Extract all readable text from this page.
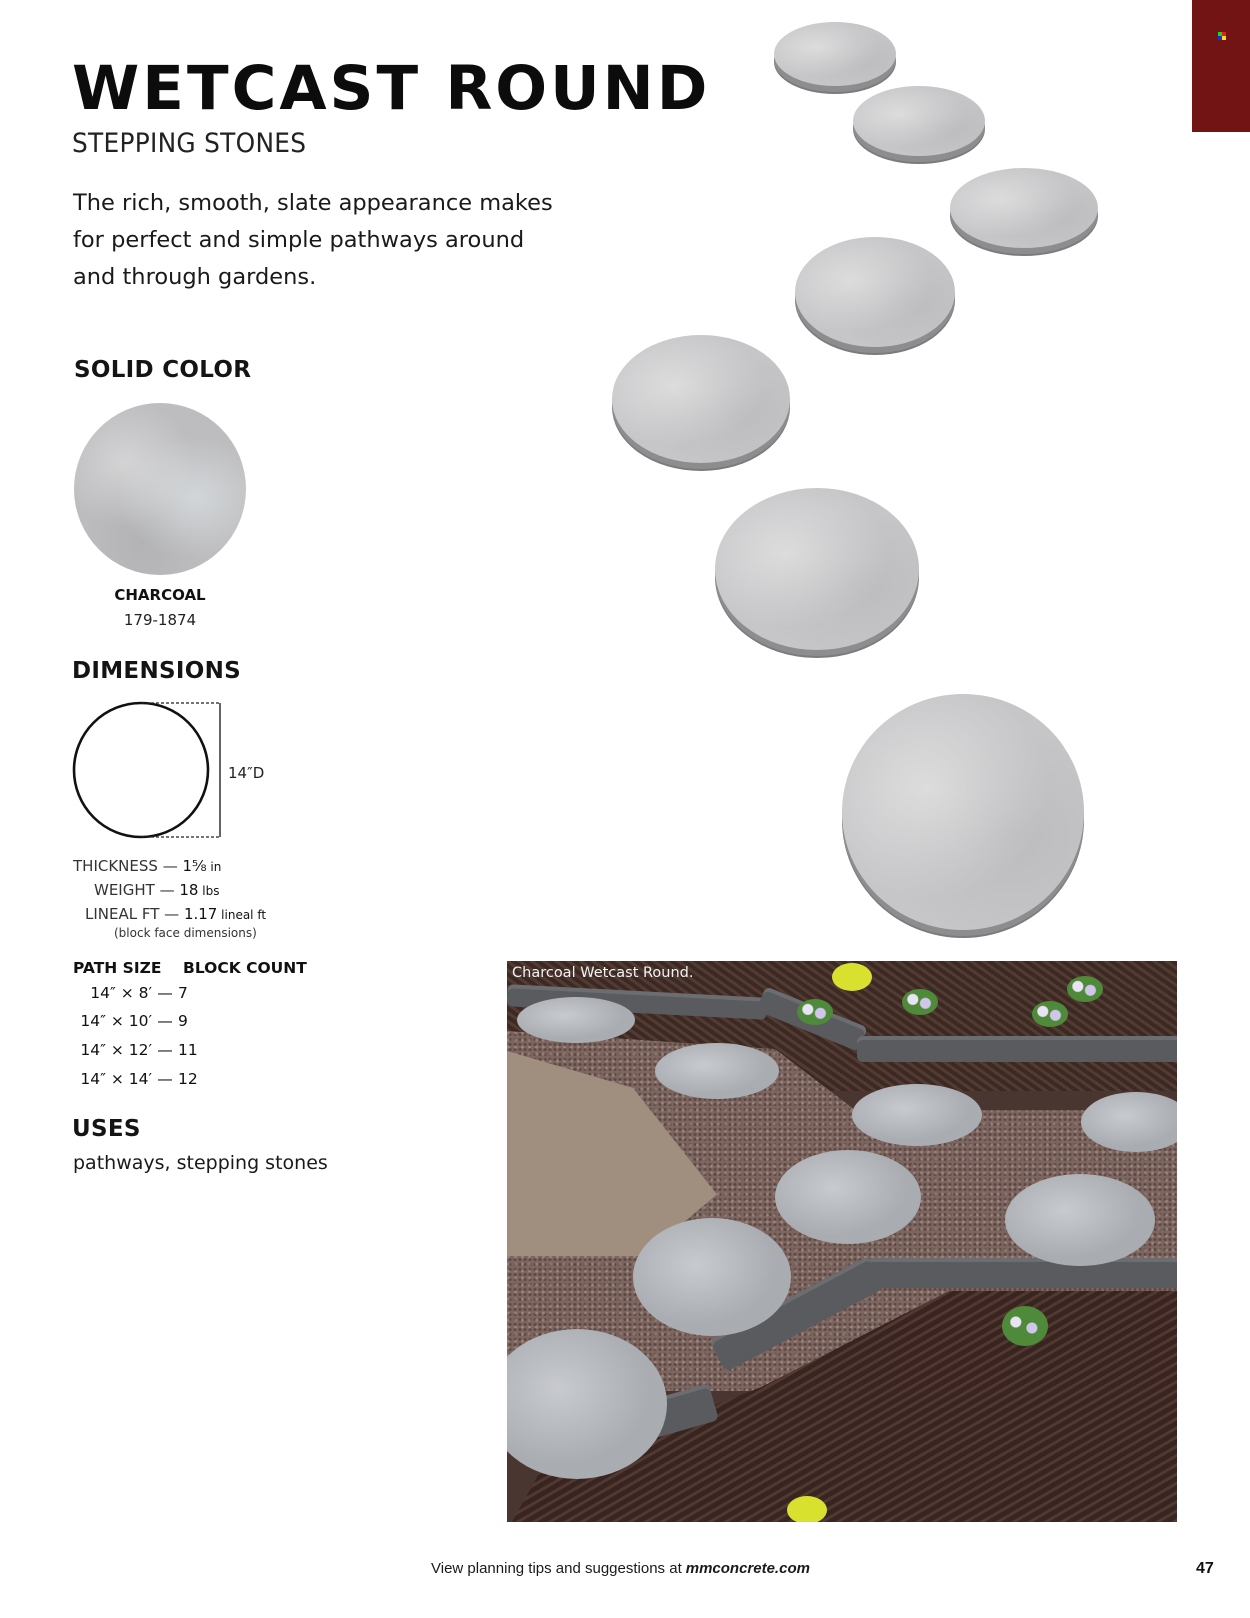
WETCAST ROUND
STEPPING STONES

The rich, smooth, slate appearance makes for perfect and simple pathways around and through gardens.

SOLID COLOR
CHARCOAL
179-1874
DIMENSIONS
14″D
THICKNESS — 1⅝ in
WEIGHT — 18 lbs
LINEAL FT — 1.17 lineal ft
(block face dimensions)
PATH SIZE BLOCK COUNT
14″ × 8′ — 7
14″ × 10′ — 9
14″ × 12′ — 11
14″ × 14′ — 12
USES
pathways, stepping stones
Charcoal Wetcast Round.
View planning tips and suggestions at mmconcrete.com	47
